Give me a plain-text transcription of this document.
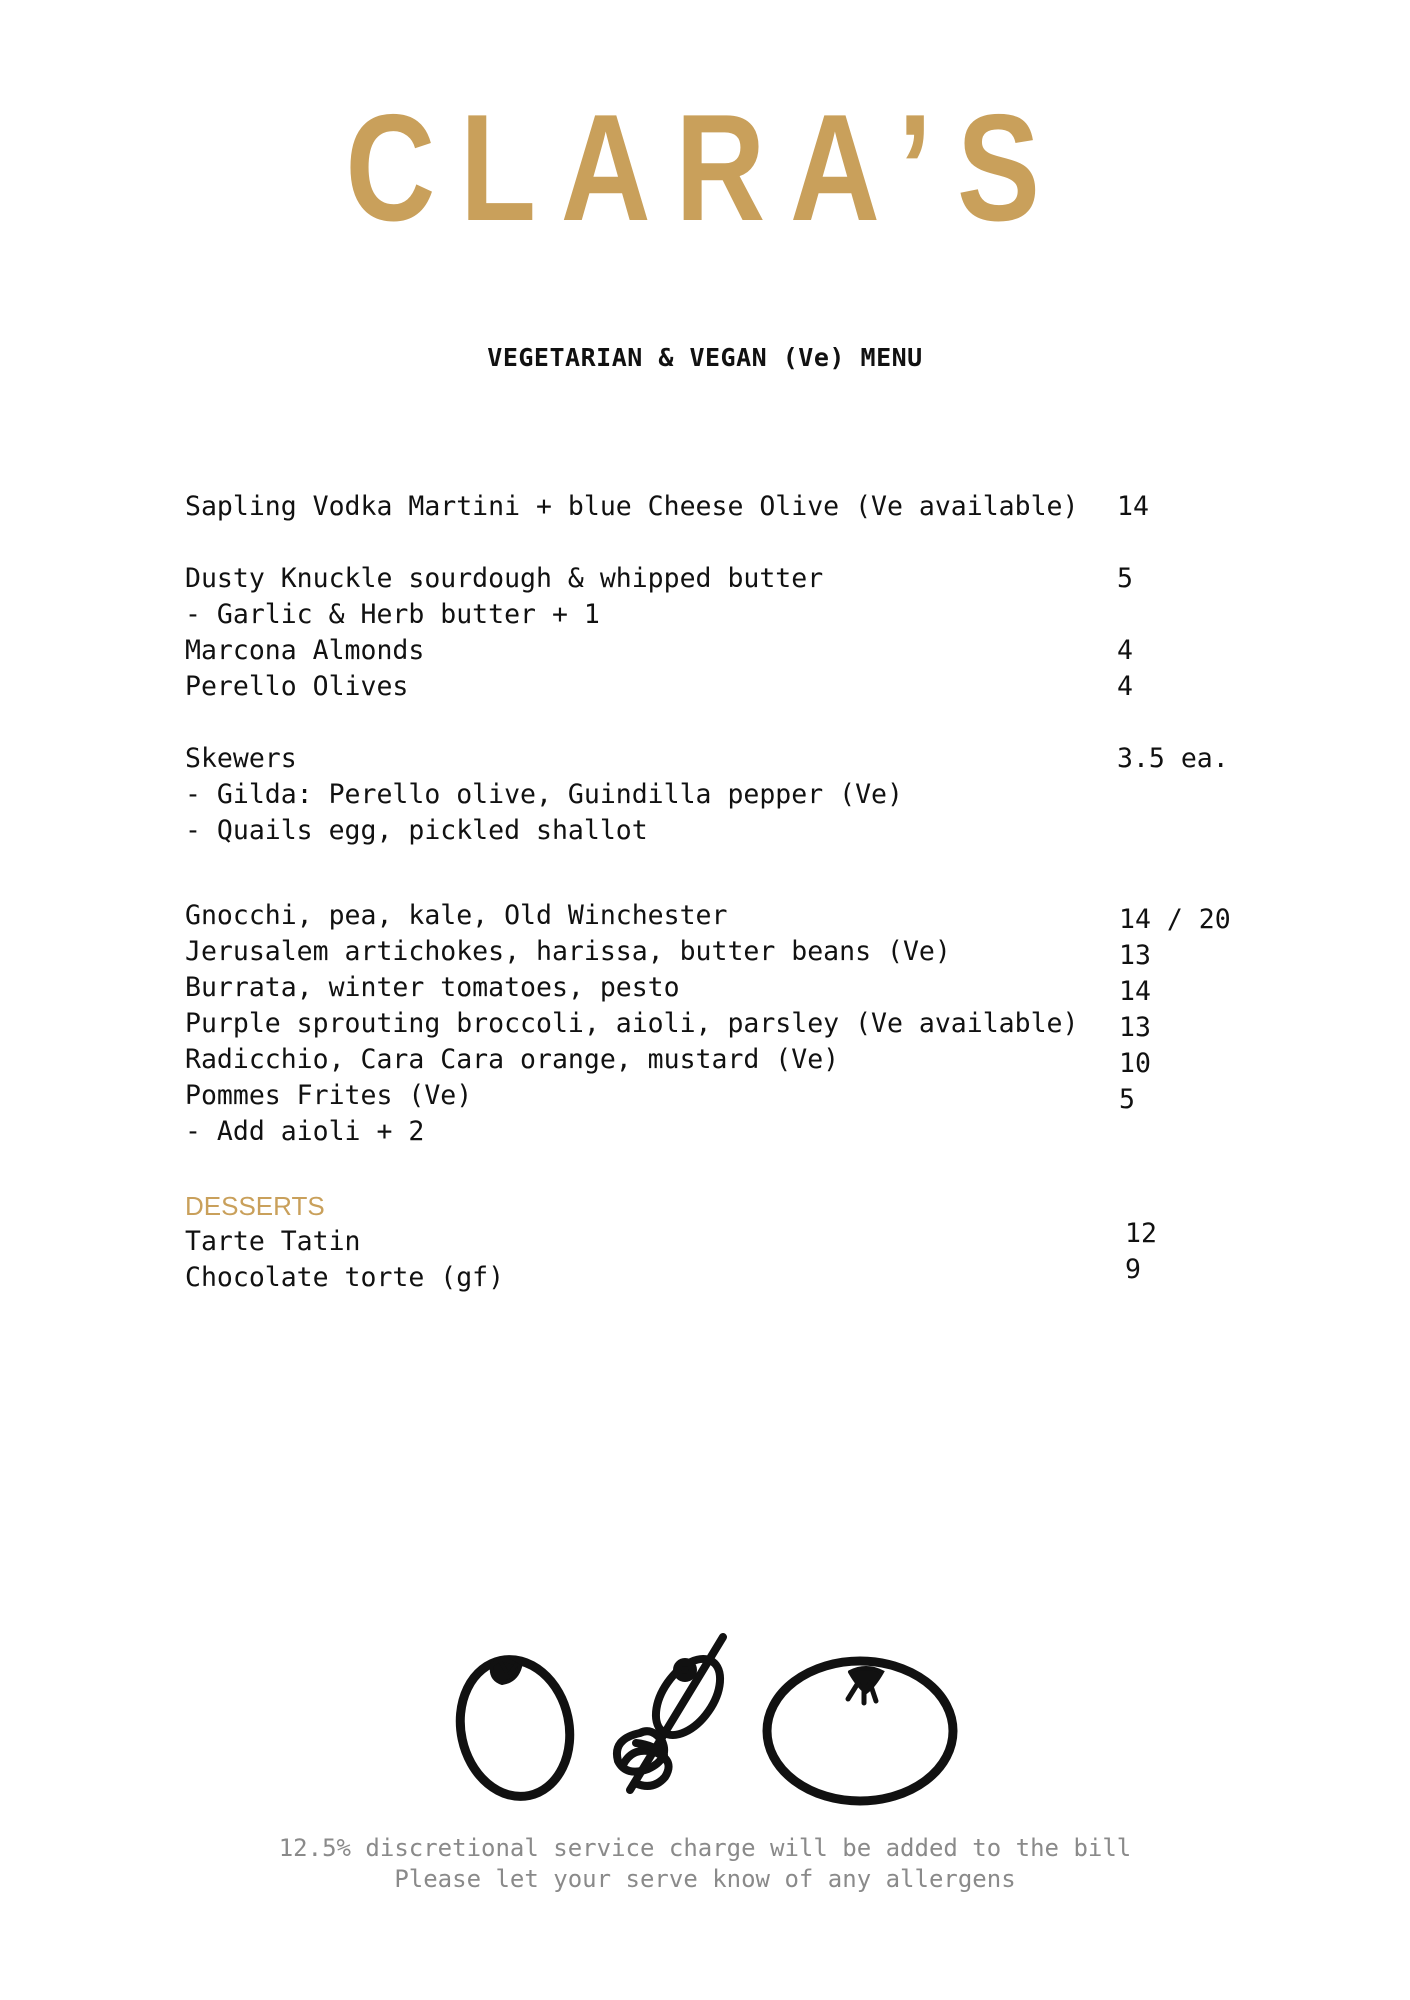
CLARA’S
VEGETARIAN & VEGAN (Ve) MENU
Sapling Vodka Martini + blue Cheese Olive (Ve available) 14
Dusty Knuckle sourdough & whipped butter	5
- Garlic & Herb butter + 1
Marcona Almonds	4
Perello Olives	4
Skewers	3.5 ea.
- Gilda: Perello olive, Guindilla pepper (Ve)
- Quails egg, pickled shallot
Gnocchi, pea, kale, Old Winchester	14 / 20
Jerusalem artichokes, harissa, butter beans (Ve)	13
Burrata, winter tomatoes, pesto	14
Purple sprouting broccoli, aioli, parsley (Ve available) 13
Radicchio, Cara Cara orange, mustard (Ve)	10
Pommes Frites (Ve)	5
- Add aioli + 2
DESSERTS
Tarte Tatin	12
Chocolate torte (gf)	9
12.5% discretional service charge will be added to the bill
Please let your serve know of any allergens
